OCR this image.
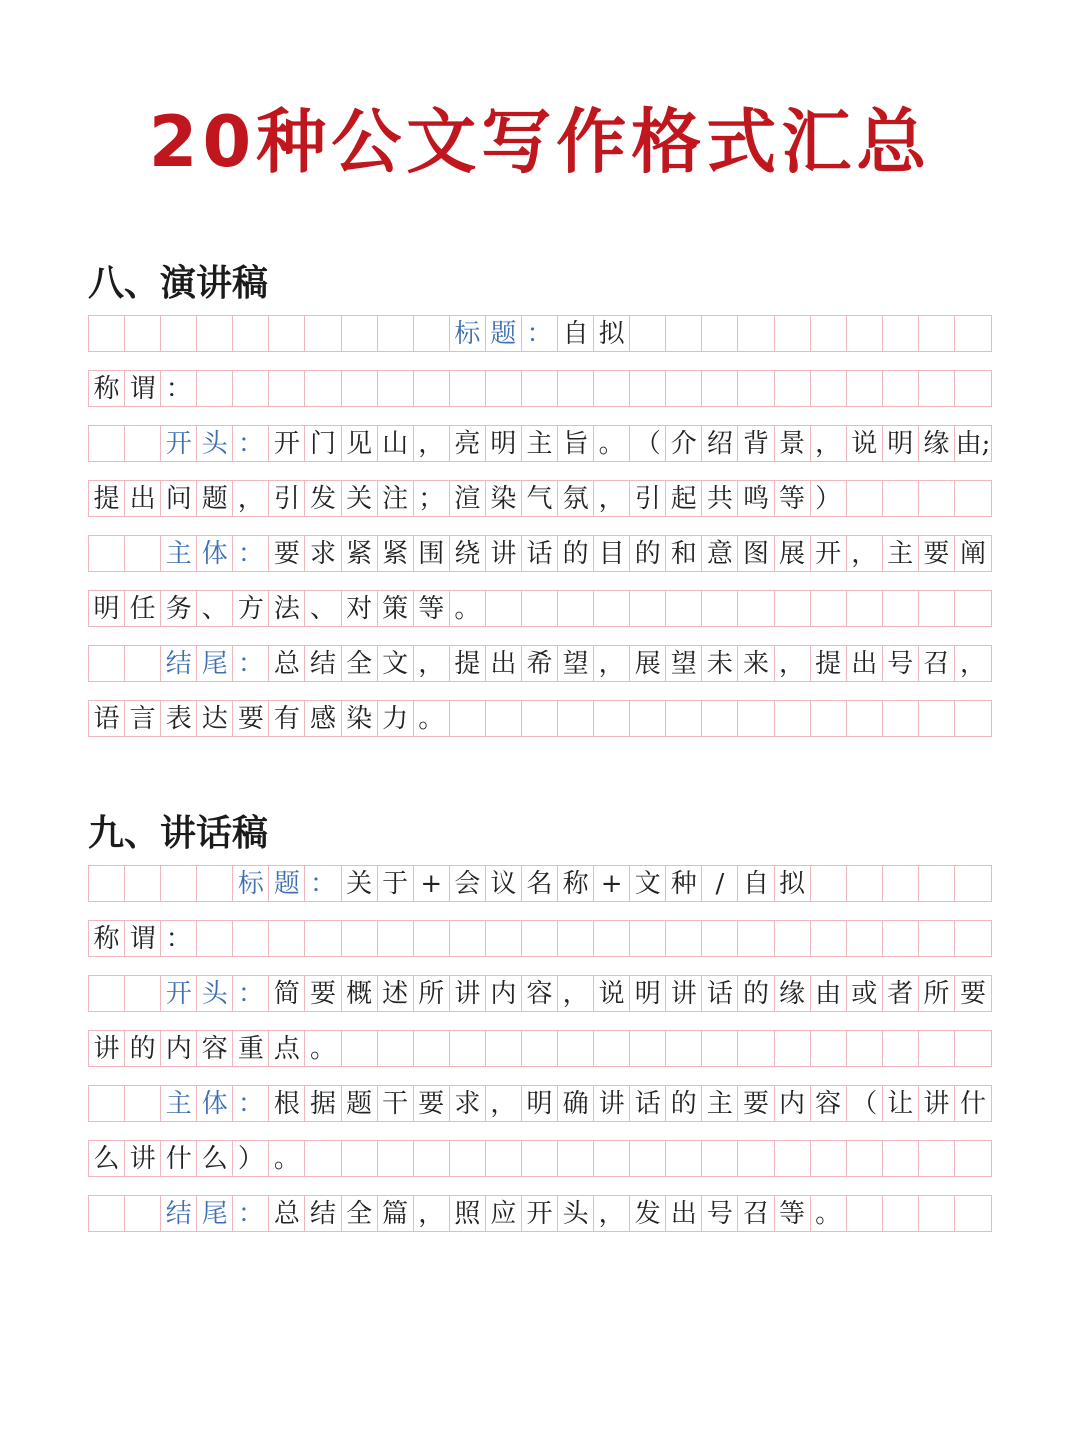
20种公文写作格式汇总
八、演讲稿
标 题 ： 自 拟
称 谓 ：
开 头 ： 开 门 见 山 ， 亮 明 主 旨 。 （ 介 绍 背 景 ， 说 明 缘 由 ;
提 出 问 题 ， 引 发 关 注 ； 渲 染 气 氛 ， 引 起 共 鸣 等 ）
主 体 ： 要 求 紧 紧 围 绕 讲 话 的 目 的 和 意 图 展 开 ， 主 要 阐
明 任 务 、 方 法 、 对 策 等 。
结 尾 ： 总 结 全 文 ， 提 出 希 望 ， 展 望 未 来 ， 提 出 号 召 ，
语 言 表 达 要 有 感 染 力 。
九、讲话稿
标 题 ： 关 于 + 会 议 名 称 + 文 种 / 自 拟
称 谓 ：
开 头 ： 简 要 概 述 所 讲 内 容 ， 说 明 讲 话 的 缘 由 或 者 所 要
讲 的 内 容 重 点 。
主 体 ： 根 据 题 干 要 求 ， 明 确 讲 话 的 主 要 内 容 （ 让 讲 什
么 讲 什 么 ） 。
结 尾 ： 总 结 全 篇 ， 照 应 开 头 ， 发 出 号 召 等 。
